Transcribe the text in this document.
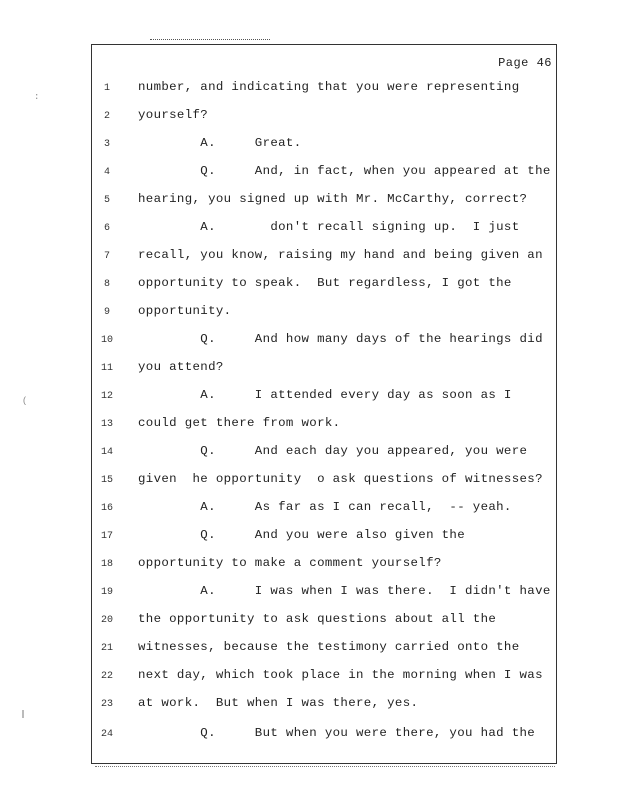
Page 46
:
(
1	number, and indicating that you were representing
2	yourself?
3	A.     Great.
4	Q.     And, in fact, when you appeared at the
5	hearing, you signed up with Mr. McCarthy, correct?
6	A.       don't recall signing up.  I just
7	recall, you know, raising my hand and being given an
8	opportunity to speak.  But regardless, I got the
9	opportunity.
10	Q.     And how many days of the hearings did
11	you attend?
12	A.     I attended every day as soon as I
13	could get there from work.
14	Q.     And each day you appeared, you were
15	given  he opportunity  o ask questions of witnesses?
16	A.     As far as I can recall,  -- yeah.
17	Q.     And you were also given the
18	opportunity to make a comment yourself?
19	A.     I was when I was there.  I didn't have
20	the opportunity to ask questions about all the
21	witnesses, because the testimony carried onto the
22	next day, which took place in the morning when I was
23	at work.  But when I was there, yes.
24	Q.     But when you were there, you had the
